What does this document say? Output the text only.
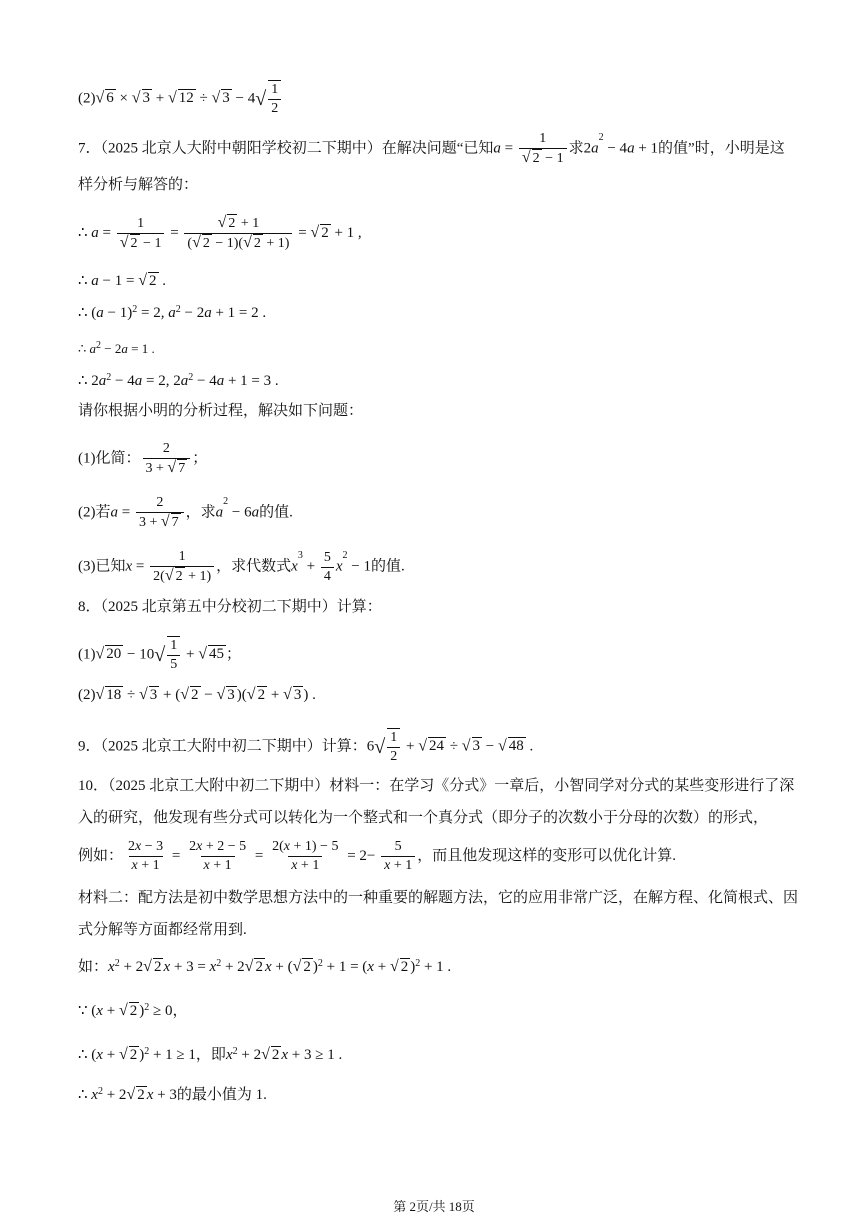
(2)√ 6 × √ 3 + √ 12 ÷ √ $3 - 4√ \frac{1}{2}$
7．（2025 北京人大附中朝阳学校初二下期中）在解决问题“已知$a = \frac{1}{√ 2 - 1}$ 求$2a^2 - 4a + 1$的值”时，小明是这
样分析与解答的：
∴ $a = \frac{1}{√ 2 - 1} = \frac{√ 2 + 1}{(√ 2 - 1)(√ 2 + 1)}$ = √ 2 + 1 ,
∴ a − 1 = √ 2 .
∴ $(a - 1)^2 = 2$, $a^2 - 2a + 1 = 2$ .
∴ $a^2 - 2a = 1$ .
∴ $2a^2 - 4a = 2$, $2a^2 - 4a + 1 = 3$ .
请你根据小明的分析过程，解决如下问题：
(1)化简： $\frac{2}{3 + √ 7}$ ；
(2)若$a = \frac{2}{3 + √ 7}$ ，求$a^2 - 6a$的值.
(3)已知$x = \frac{1}{2(√ 2 + 1)}$ ，求代数式$x^3 + \frac{5}{4} x^2 - 1$的值.
8．（2025 北京第五中分校初二下期中）计算：
(1)√ $20 - 10√ \frac{1}{5}$ + √ 45 ；
(2)√ 18 ÷ √ 3 + (√ 2 − √ 3 )(√ 2 + √ 3 ) .
9．（2025 北京工大附中初二下期中）计算：$6√ \frac{1}{2}$ + √ 24 ÷ √ 3 − √ 48 .
10．（2025 北京工大附中初二下期中）材料一：在学习《分式》一章后，小智同学对分式的某些变形进行了深入的研究，他发现有些分式可以转化为一个整式和一个真分式（即分子的次数小于分母的次数）的形式，
例如： $\frac{2x - 3}{x + 1} = \frac{2x + 2 - 5}{x + 1} = \frac{2(x + 1) - 5}{x + 1} = 2- \frac{5}{x + 1}$ ，而且他发现这样的变形可以优化计算.
材料二：配方法是初中数学思想方法中的一种重要的解题方法，它的应用非常广泛，在解方程、化简根式、因式分解等方面都经常用到.
如：$x^2 + 2√$ 2 $x + 3 = x^2 + 2√$ 2 x + (√ 2 )$^2$ + 1 = (x + √ 2 )$^2$ + 1 .
∵ (x + √ 2 )$^2$ ≥ 0，
∴ (x + √ 2 )$^2$ + 1 ≥ 1，即$x^2 + 2√$ 2 x + 3 ≥ 1 .
∴ $x^2 + 2√$ 2 x + 3的最小值为 1.
第 2页/共 18页
